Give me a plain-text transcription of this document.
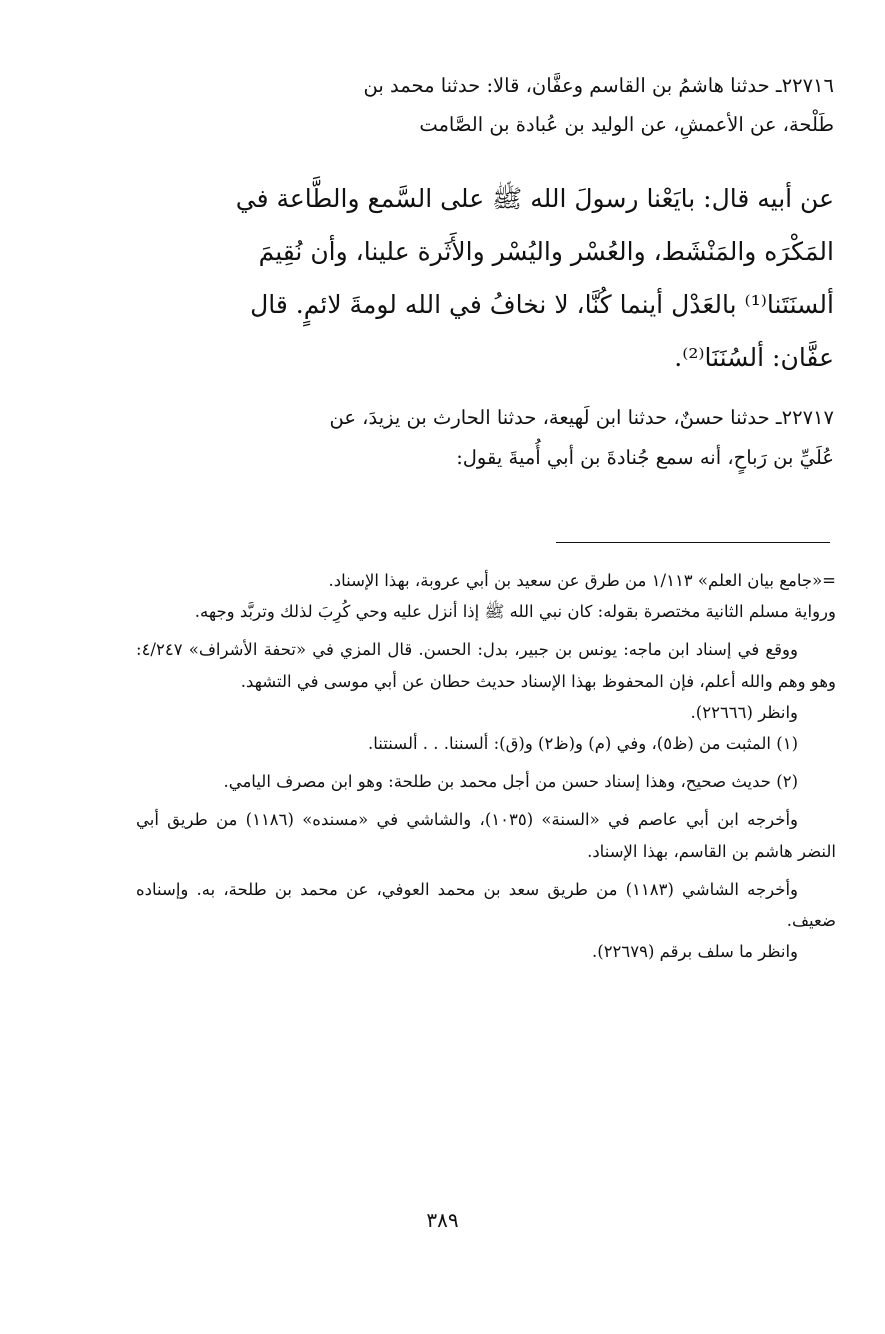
٢٢٧١٦ـ حدثنا هاشمُ بن القاسم وعفَّان، قالا: حدثنا محمد بن

طَلْحة، عن الأعمشِ، عن الوليد بن عُبادة بن الصَّامت

عن أبيه قال: بايَعْنا رسولَ الله ﷺ على السَّمع والطَّاعة في

المَكْرَه والمَنْشَط، والعُسْر واليُسْر والأَثَرة علينا، وأن نُقِيمَ

ألسنَتَنا⁽¹⁾ بالعَدْل أينما كُنَّا، لا نخافُ في الله لومةَ لائمٍ. قال

عفَّان: ألسُنَنَا⁽²⁾.

٢٢٧١٧ـ حدثنا حسنٌ، حدثنا ابن لَهيعة، حدثنا الحارث بن يزيدَ، عن

عُلَيِّ بن رَباحٍ، أنه سمع جُنادةَ بن أبي أُميةَ يقول:

=«جامع بيان العلم» ١/١١٣ من طرق عن سعيد بن أبي عروبة، بهذا الإسناد.

ورواية مسلم الثانية مختصرة بقوله: كان نبي الله ﷺ إذا أنزل عليه وحي كُرِبَ لذلك وتربَّد وجهه.

ووقع في إسناد ابن ماجه: يونس بن جبير، بدل: الحسن. قال المزي في «تحفة الأشراف» ٤/٢٤٧: وهو وهم والله أعلم، فإن المحفوظ بهذا الإسناد حديث حطان عن أبي موسى في التشهد.

وانظر (٢٢٦٦٦).

(١) المثبت من (ظ٥)، وفي (م) و(ظ٢) و(ق): ألسننا. . . ألسنتنا.

(٢) حديث صحيح، وهذا إسناد حسن من أجل محمد بن طلحة: وهو ابن مصرف اليامي.

وأخرجه ابن أبي عاصم في «السنة» (١٠٣٥)، والشاشي في «مسنده» (١١٨٦) من طريق أبي النضر هاشم بن القاسم، بهذا الإسناد.

وأخرجه الشاشي (١١٨٣) من طريق سعد بن محمد العوفي، عن محمد بن طلحة، به. وإسناده ضعيف.

وانظر ما سلف برقم (٢٢٦٧٩).

٣٨٩
